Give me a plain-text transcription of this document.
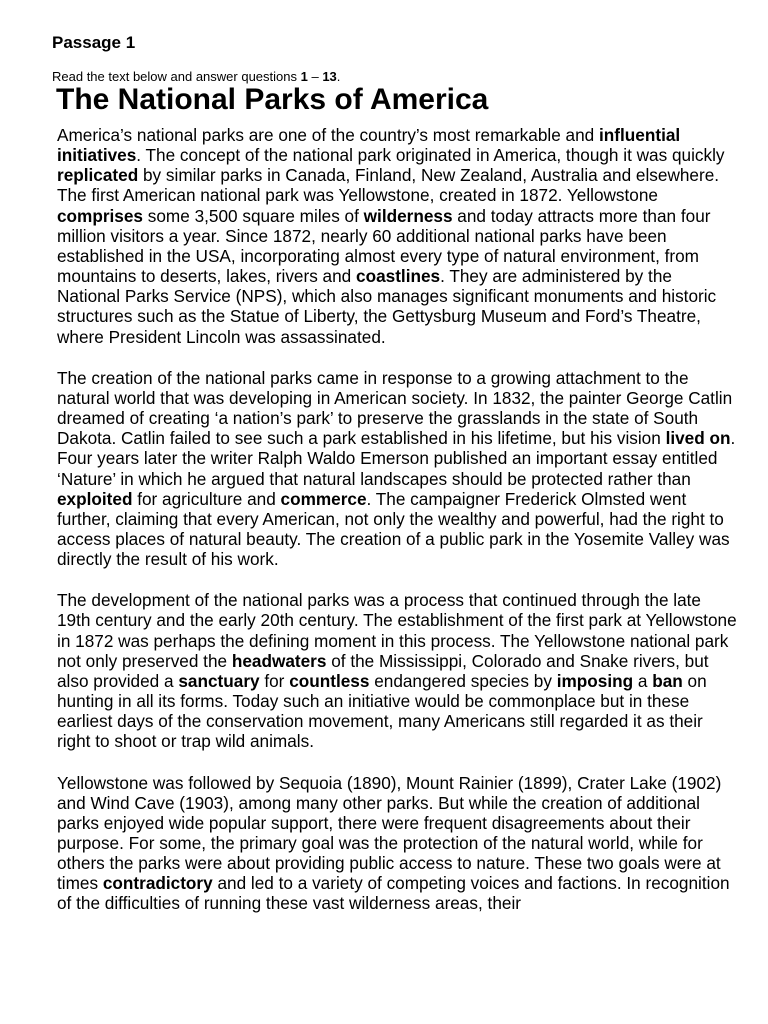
Passage 1
Read the text below and answer questions 1 – 13.
The National Parks of America

America’s national parks are one of the country’s most remarkable and influential initiatives. The concept of the national park originated in America, though it was quickly replicated by similar parks in Canada, Finland, New Zealand, Australia and elsewhere. The first American national park was Yellowstone, created in 1872. Yellowstone comprises some 3,500 square miles of wilderness and today attracts more than four million visitors a year. Since 1872, nearly 60 additional national parks have been established in the USA, incorporating almost every type of natural environment, from mountains to deserts, lakes, rivers and coastlines. They are administered by the National Parks Service (NPS), which also manages significant monuments and historic structures such as the Statue of Liberty, the Gettysburg Museum and Ford’s Theatre, where President Lincoln was assassinated.

The creation of the national parks came in response to a growing attachment to the natural world that was developing in American society. In 1832, the painter George Catlin dreamed of creating ‘a nation’s park’ to preserve the grasslands in the state of South Dakota. Catlin failed to see such a park established in his lifetime, but his vision lived on. Four years later the writer Ralph Waldo Emerson published an important essay entitled ‘Nature’ in which he argued that natural landscapes should be protected rather than exploited for agriculture and commerce. The campaigner Frederick Olmsted went further, claiming that every American, not only the wealthy and powerful, had the right to access places of natural beauty. The creation of a public park in the Yosemite Valley was directly the result of his work.

The development of the national parks was a process that continued through the late 19th century and the early 20th century. The establishment of the first park at Yellowstone in 1872 was perhaps the defining moment in this process. The Yellowstone national park not only preserved the headwaters of the Mississippi, Colorado and Snake rivers, but also provided a sanctuary for countless endangered species by imposing a ban on hunting in all its forms. Today such an initiative would be commonplace but in these earliest days of the conservation movement, many Americans still regarded it as their right to shoot or trap wild animals.

Yellowstone was followed by Sequoia (1890), Mount Rainier (1899), Crater Lake (1902) and Wind Cave (1903), among many other parks. But while the creation of additional parks enjoyed wide popular support, there were frequent disagreements about their purpose. For some, the primary goal was the protection of the natural world, while for others the parks were about providing public access to nature. These two goals were at times contradictory and led to a variety of competing voices and factions. In recognition of the difficulties of running these vast wilderness areas, their
